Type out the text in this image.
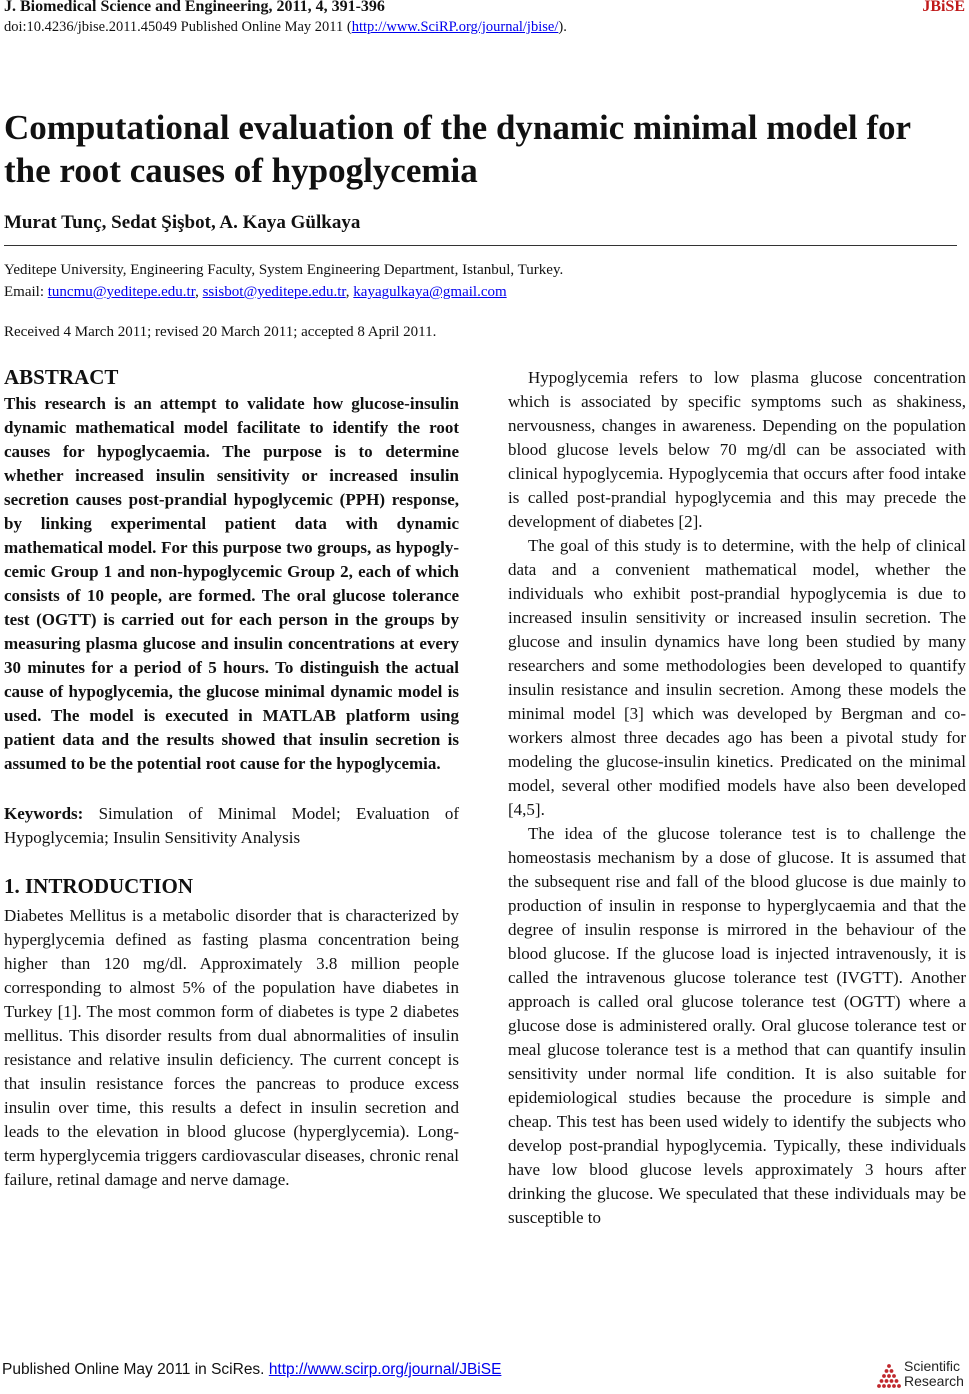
J. Biomedical Science and Engineering, 2011, 4, 391-396	JBiSE
doi:10.4236/jbise.2011.45049 Published Online May 2011 (http://www.SciRP.org/journal/jbise/).
Computational evaluation of the dynamic minimal model for the root causes of hypoglycemia
Murat Tunç, Sedat Şişbot, A. Kaya Gülkaya
Yeditepe University, Engineering Faculty, System Engineering Department, Istanbul, Turkey.
Email: tuncmu@yeditepe.edu.tr, ssisbot@yeditepe.edu.tr, kayagulkaya@gmail.com
Received 4 March 2011; revised 20 March 2011; accepted 8 April 2011.
ABSTRACT

This research is an attempt to validate how glucose-insulin dynamic mathematical model facilitate to identify the root causes for hypoglycaemia. The purpose is to determine whether increased insulin sensitivity or increased insulin secretion causes post-prandial hypoglycemic (PPH) response, by linking experimental patient data with dynamic mathematical model. For this purpose two groups, as hypoglycemic Group 1 and non-hypoglycemic Group 2, each of which consists of 10 people, are formed. The oral glucose tolerance test (OGTT) is carried out for each person in the groups by measuring plasma glucose and insulin concentrations at every 30 minutes for a period of 5 hours. To distinguish the actual cause of hypoglycemia, the glucose minimal dynamic model is used. The model is executed in MATLAB platform using patient data and the results showed that insulin secretion is assumed to be the potential root cause for the hypoglycemia.

Keywords: Simulation of Minimal Model; Evaluation of Hypoglycemia; Insulin Sensitivity Analysis

1. INTRODUCTION

Diabetes Mellitus is a metabolic disorder that is characterized by hyperglycemia defined as fasting plasma concentration being higher than 120 mg/dl. Approximately 3.8 million people corresponding to almost 5% of the population have diabetes in Turkey [1]. The most common form of diabetes is type 2 diabetes mellitus. This disorder results from dual abnormalities of insulin resistance and relative insulin deficiency. The current concept is that insulin resistance forces the pancreas to produce excess insulin over time, this results a defect in insulin secretion and leads to the elevation in blood glucose (hyperglycemia). Long-term hyperglycemia triggers cardiovascular diseases, chronic renal failure, retinal damage and nerve damage.

Hypoglycemia refers to low plasma glucose concentration which is associated by specific symptoms such as shakiness, nervousness, changes in awareness. Depending on the population blood glucose levels below 70 mg/dl can be associated with clinical hypoglycemia. Hypoglycemia that occurs after food intake is called post-prandial hypoglycemia and this may precede the development of diabetes [2].

The goal of this study is to determine, with the help of clinical data and a convenient mathematical model, whether the individuals who exhibit post-prandial hypoglycemia is due to increased insulin sensitivity or increased insulin secretion. The glucose and insulin dynamics have long been studied by many researchers and some methodologies been developed to quantify insulin resistance and insulin secretion. Among these models the minimal model [3] which was developed by Bergman and co-workers almost three decades ago has been a pivotal study for modeling the glucose-insulin kinetics. Predicated on the minimal model, several other modified models have also been developed [4,5].

The idea of the glucose tolerance test is to challenge the homeostasis mechanism by a dose of glucose. It is assumed that the subsequent rise and fall of the blood glucose is due mainly to production of insulin in response to hyperglycaemia and that the degree of insulin response is mirrored in the behaviour of the blood glucose. If the glucose load is injected intravenously, it is called the intravenous glucose tolerance test (IVGTT). Another approach is called oral glucose tolerance test (OGTT) where a glucose dose is administered orally. Oral glucose tolerance test or meal glucose tolerance test is a method that can quantify insulin sensitivity under normal life condition. It is also suitable for epidemiological studies because the procedure is simple and cheap. This test has been used widely to identify the subjects who develop post-prandial hypoglycemia. Typically, these individuals have low blood glucose levels approximately 3 hours after drinking the glucose. We speculated that these individuals may be susceptible to

Published Online May 2011 in SciRes. http://www.scirp.org/journal/JBiSE	Scientific
Research
